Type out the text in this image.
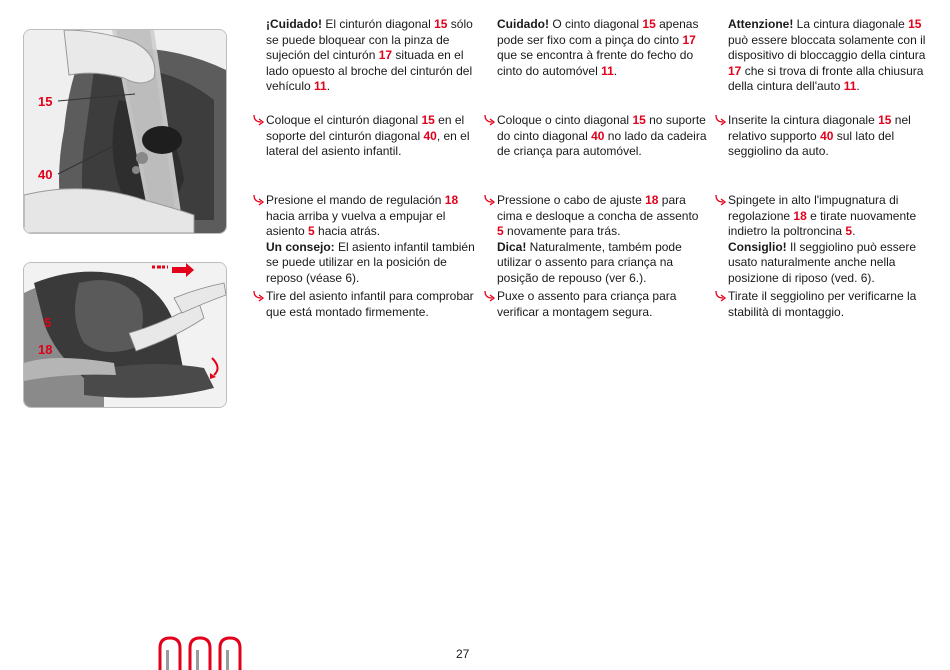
15
40
5
18

¡Cuidado! El cinturón diagonal 15 sólo se puede bloquear con la pinza de sujeción del cinturón 17 situada en el lado opuesto al broche del cinturón del vehículo 11.

Coloque el cinturón diagonal 15 en el soporte del cinturón diagonal 40, en el lateral del asiento infantil.
Presione el mando de regulación 18 hacia arriba y vuelva a empujar el asiento 5 hacia atrás.
Un consejo: El asiento infantil también se puede utilizar en la posición de reposo (véase 6).
Tire del asiento infantil para comprobar que está montado firmemente.

Cuidado! O cinto diagonal 15 apenas pode ser fixo com a pinça do cinto 17 que se encontra à frente do fecho do cinto do automóvel 11.

Coloque o cinto diagonal 15 no suporte do cinto diagonal 40 no lado da cadeira de criança para automóvel.
Pressione o cabo de ajuste 18 para cima e desloque a concha de assento 5 novamente para trás.
Dica! Naturalmente, também pode utilizar o assento para criança na posição de repouso (ver 6.).
Puxe o assento para criança para verificar a montagem segura.

Attenzione! La cintura diagonale 15 può essere bloccata solamente con il dispositivo di bloccaggio della cintura 17 che si trova di fronte alla chiusura della cintura dell'auto 11.

Inserite la cintura diagonale 15 nel relativo supporto 40 sul lato del seggiolino da auto.
Spingete in alto l'impugnatura di regolazione 18 e tirate nuovamente indietro la poltroncina 5.
Consiglio! Il seggiolino può essere usato naturalmente anche nella posizione di riposo (ved. 6).
Tirate il seggiolino per verificarne la stabilità di montaggio.
27
